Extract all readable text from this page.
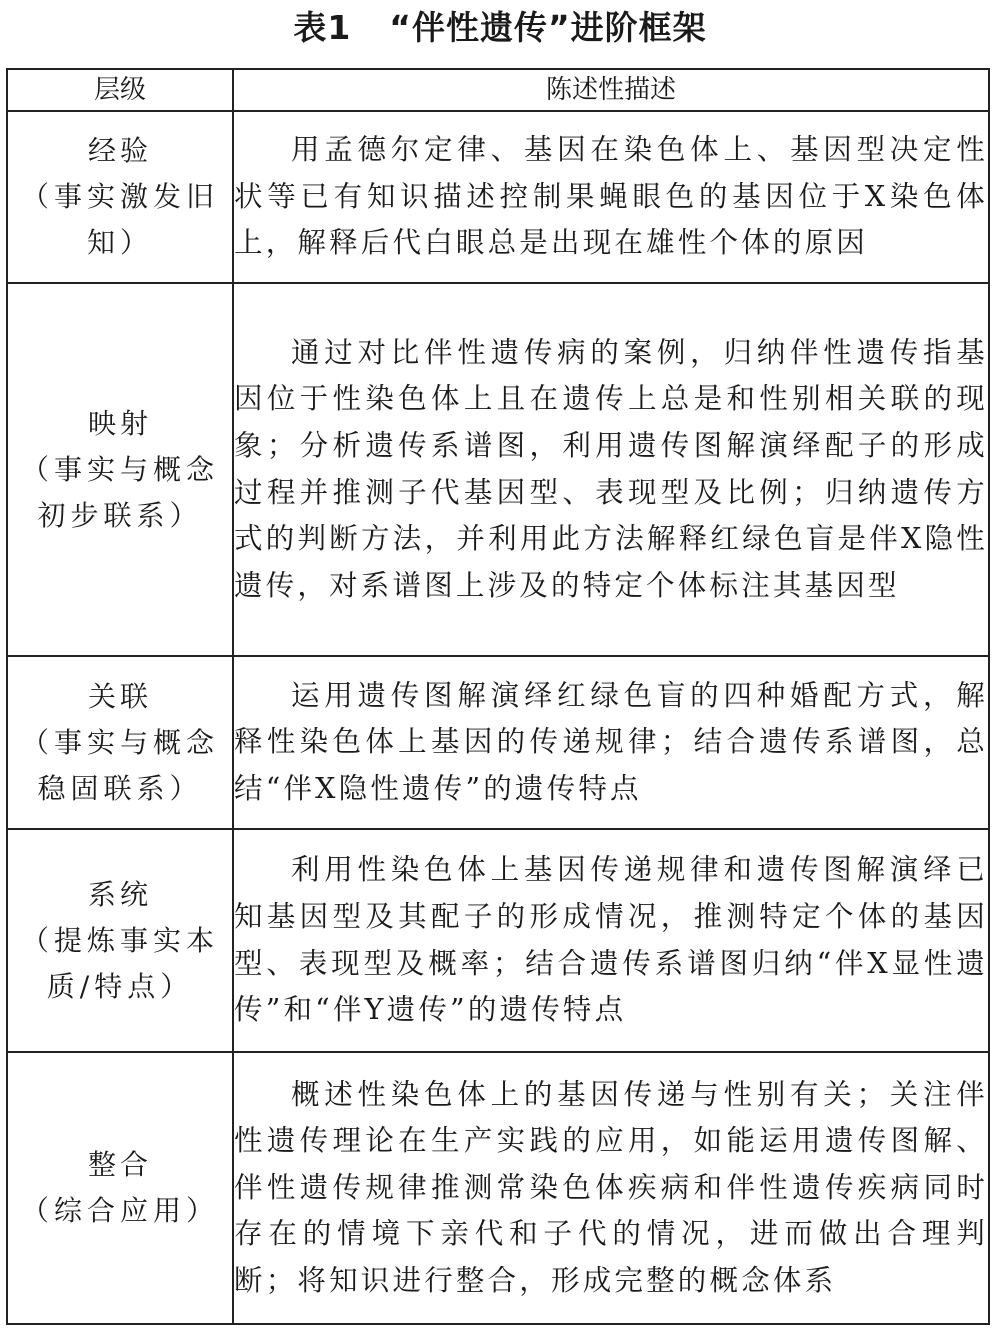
表1 “伴性遗传”进阶框架
层级	陈述性描述

经验
（事实激发旧知）	用孟德尔定律、基因在染色体上、基因型决定性状等已有知识描述控制果蝇眼色的基因位于X染色体上，解释后代白眼总是出现在雄性个体的原因

映射
（事实与概念初步联系）	通过对比伴性遗传病的案例，归纳伴性遗传指基因位于性染色体上且在遗传上总是和性别相关联的现象；分析遗传系谱图，利用遗传图解演绎配子的形成过程并推测子代基因型、表现型及比例；归纳遗传方式的判断方法，并利用此方法解释红绿色盲是伴X隐性遗传，对系谱图上涉及的特定个体标注其基因型

关联
（事实与概念稳固联系）	运用遗传图解演绎红绿色盲的四种婚配方式，解释性染色体上基因的传递规律；结合遗传系谱图，总结“伴X隐性遗传”的遗传特点

系统
（提炼事实本质/特点）	利用性染色体上基因传递规律和遗传图解演绎已知基因型及其配子的形成情况，推测特定个体的基因型、表现型及概率；结合遗传系谱图归纳“伴X显性遗传”和“伴Y遗传”的遗传特点

整合
（综合应用）	概述性染色体上的基因传递与性别有关；关注伴性遗传理论在生产实践的应用，如能运用遗传图解、伴性遗传规律推测常染色体疾病和伴性遗传疾病同时存在的情境下亲代和子代的情况，进而做出合理判断；将知识进行整合，形成完整的概念体系
